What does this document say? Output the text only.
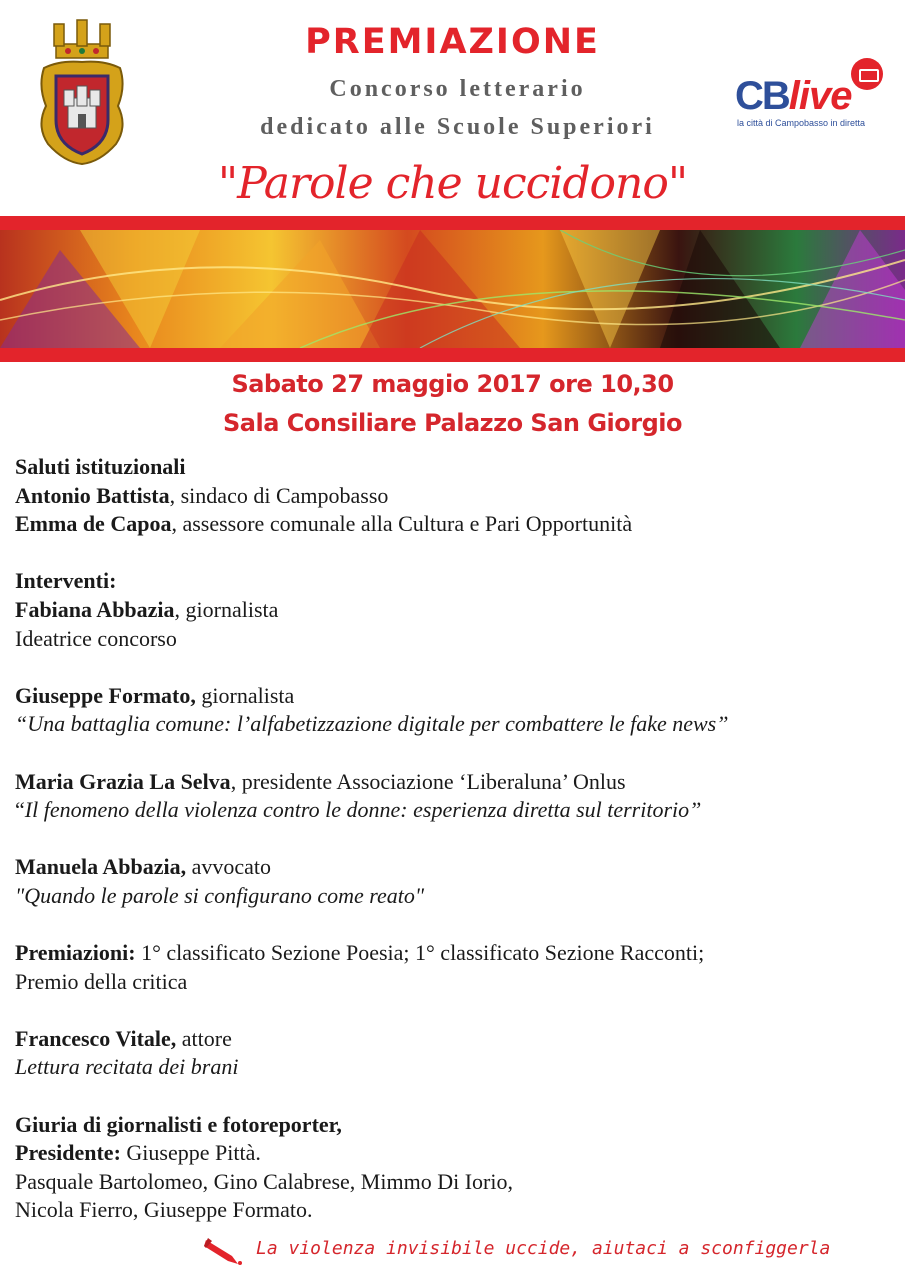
PREMIAZIONE
Concorso letterario
dedicato alle Scuole Superiori
"Parole che uccidono"
CBlive
la città di Campobasso in diretta
Sabato 27 maggio 2017 ore 10,30
Sala Consiliare Palazzo San Giorgio
Saluti istituzionali
Antonio Battista, sindaco di Campobasso
Emma de Capoa, assessore comunale alla Cultura e Pari Opportunità
Interventi:
Fabiana Abbazia, giornalista
Ideatrice concorso
Giuseppe Formato, giornalista
“Una battaglia comune: l’alfabetizzazione digitale per combattere le fake news”
Maria Grazia La Selva, presidente Associazione ‘Liberaluna’ Onlus
“Il fenomeno della violenza contro le donne: esperienza diretta sul territorio”
Manuela Abbazia, avvocato
"Quando le parole si configurano come reato"
Premiazioni: 1° classificato Sezione Poesia; 1° classificato Sezione Racconti;
Premio della critica
Francesco Vitale, attore
Lettura recitata dei brani
Giuria di giornalisti e fotoreporter,
Presidente: Giuseppe Pittà.
Pasquale Bartolomeo, Gino Calabrese, Mimmo Di Iorio,
Nicola Fierro, Giuseppe Formato.
La violenza invisibile uccide, aiutaci a sconfiggerla
